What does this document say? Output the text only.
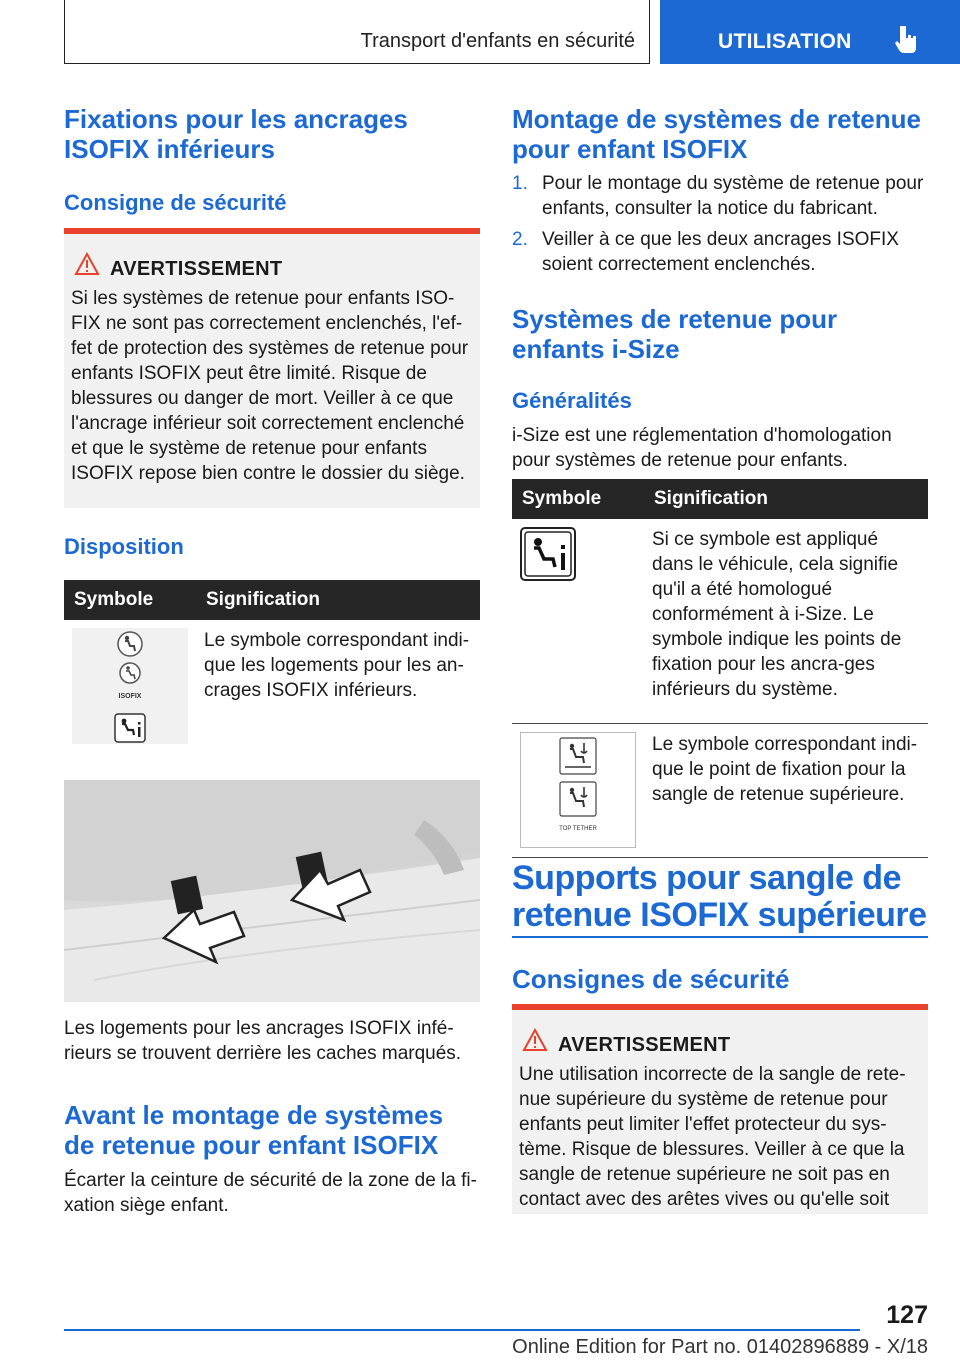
Transport d'enfants en sécurité	UTILISATION
Fixations pour les ancrages ISOFIX inférieurs
Consigne de sécurité
AVERTISSEMENT
Si les systèmes de retenue pour enfants ISO-FIX ne sont pas correctement enclenchés, l'ef-fet de protection des systèmes de retenue pour enfants ISOFIX peut être limité. Risque de blessures ou danger de mort. Veiller à ce que l'ancrage inférieur soit correctement enclenché et que le système de retenue pour enfants ISOFIX repose bien contre le dossier du siège.
Disposition
Symbole	Signification

ISOFIX	Le symbole correspondant indi-que les logements pour les an-crages ISOFIX inférieurs.

Les logements pour les ancrages ISOFIX infé-rieurs se trouvent derrière les caches marqués.

Avant le montage de systèmes de retenue pour enfant ISOFIX

Écarter la ceinture de sécurité de la zone de la fi-xation siège enfant.

Montage de systèmes de retenue pour enfant ISOFIX
1. Pour le montage du système de retenue pour enfants, consulter la notice du fabricant.
2. Veiller à ce que les deux ancrages ISOFIX soient correctement enclenchés.
Systèmes de retenue pour enfants i-Size
Généralités

i-Size est une réglementation d'homologation pour systèmes de retenue pour enfants.

Symbole	Signification
	Si ce symbole est appliqué dans le véhicule, cela signifie qu'il a été homologué conformément à i-Size. Le symbole indique les points de fixation pour les ancra-ges inférieurs du système.

TOP TETHER	Le symbole correspondant indi-que le point de fixation pour la sangle de retenue supérieure.
Supports pour sangle de retenue ISOFIX supérieure
Consignes de sécurité
AVERTISSEMENT
Une utilisation incorrecte de la sangle de rete-nue supérieure du système de retenue pour enfants peut limiter l'effet protecteur du sys-tème. Risque de blessures. Veiller à ce que la sangle de retenue supérieure ne soit pas en contact avec des arêtes vives ou qu'elle soit
127
Online Edition for Part no. 01402896889 - X/18
